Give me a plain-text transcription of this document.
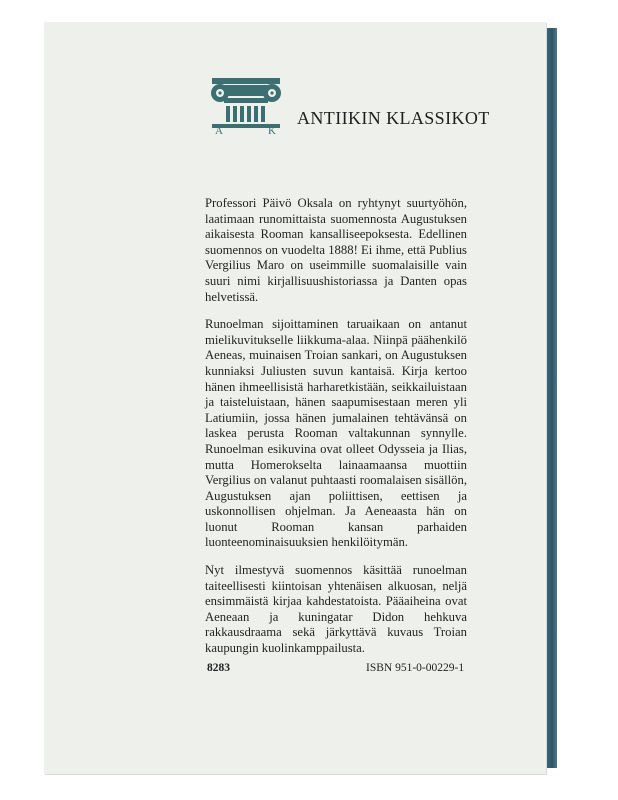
A	K
ANTIIKIN KLASSIKOT

Professori Päivö Oksala on ryhtynyt suurtyöhön, laatimaan runomittaista suomennosta Augustuksen aikaisesta Rooman kansalliseepoksesta. Edellinen suomennos on vuodelta 1888! Ei ihme, että Publius Vergilius Maro on useimmille suomalaisille vain suuri nimi kirjallisuushistoriassa ja Danten opas helvetissä.

Runoelman sijoittaminen taruaikaan on antanut mielikuvitukselle liikkuma-alaa. Niinpä päähenkilö Aeneas, muinaisen Troian sankari, on Augustuksen kunniaksi Juliusten suvun kantaisä. Kirja kertoo hänen ihmeellisistä harharetkistään, seikkailuistaan ja taisteluistaan, hänen saapumisestaan meren yli Latiumiin, jossa hänen jumalainen tehtävänsä on laskea perusta Rooman valtakunnan synnylle. Runoelman esikuvina ovat olleet Odysseia ja Ilias, mutta Homerokselta lainaamaansa muottiin Vergilius on valanut puhtaasti roomalaisen sisällön, Augustuksen ajan poliittisen, eettisen ja uskonnollisen ohjelman. Ja Aeneaasta hän on luonut Rooman kansan parhaiden luonteenominaisuuksien henkilöitymän.

Nyt ilmestyvä suomennos käsittää runoelman taiteellisesti kiintoisan yhtenäisen alkuosan, neljä ensimmäistä kirjaa kahdestatoista. Pääaiheina ovat Aeneaan ja kuningatar Didon hehkuva rakkausdraama sekä järkyttävä kuvaus Troian kaupungin kuolinkamppailusta.

8283	ISBN 951-0-00229-1
